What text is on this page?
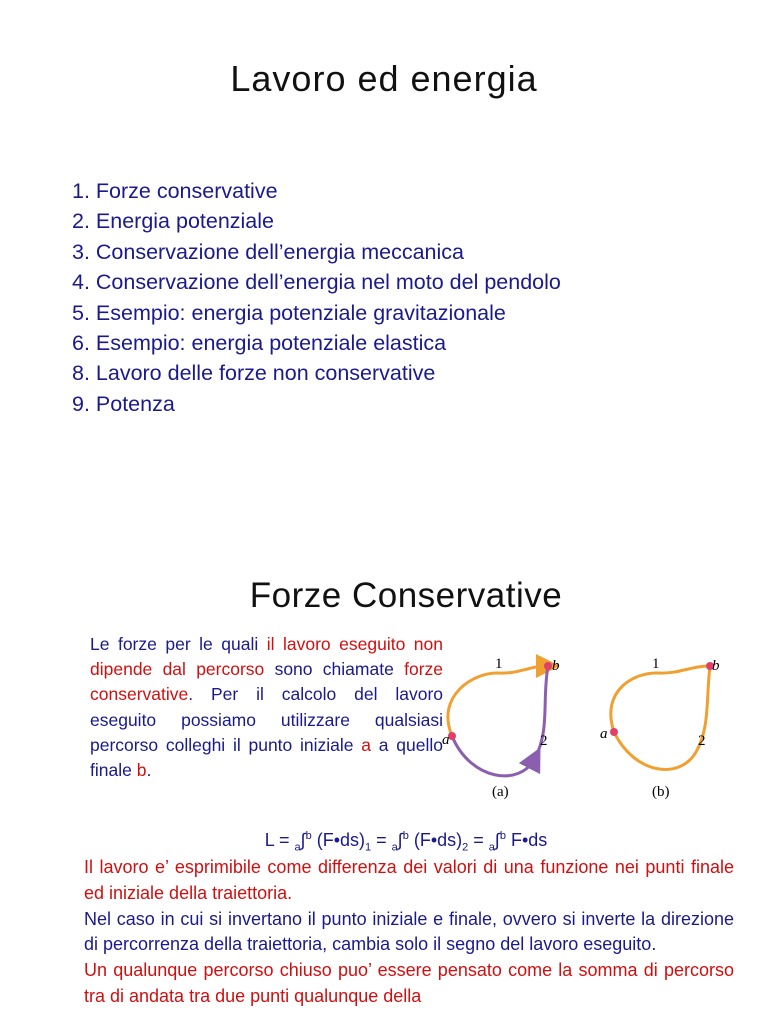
Lavoro ed energia
1. Forze conservative
2. Energia potenziale
3. Conservazione dell’energia meccanica
4. Conservazione dell’energia nel moto del pendolo
5. Esempio: energia potenziale gravitazionale
6. Esempio: energia potenziale elastica
8. Lavoro delle forze non conservative
9. Potenza
Forze Conservative
Le forze per le quali il lavoro eseguito non dipende dal percorso sono chiamate forze conservative. Per il calcolo del lavoro eseguito possiamo utilizzare qualsiasi percorso colleghi il punto iniziale a a quello finale b.
a
b
1
2
(a)
a
b
1
2
(b)
L = $_a$∫$^b$ $(F•ds)_1 = _a\int^b$ $(F•ds)_2 = _a\int^b$ F•ds

Il lavoro e’ esprimibile come differenza dei valori di una funzione nei punti finale ed iniziale della traiettoria.

Nel caso in cui si invertano il punto iniziale e finale, ovvero si inverte la direzione di percorrenza della traiettoria, cambia solo il segno del lavoro eseguito.

Un qualunque percorso chiuso puo’ essere pensato come la somma di percorso tra di andata tra due punti qualunque della
